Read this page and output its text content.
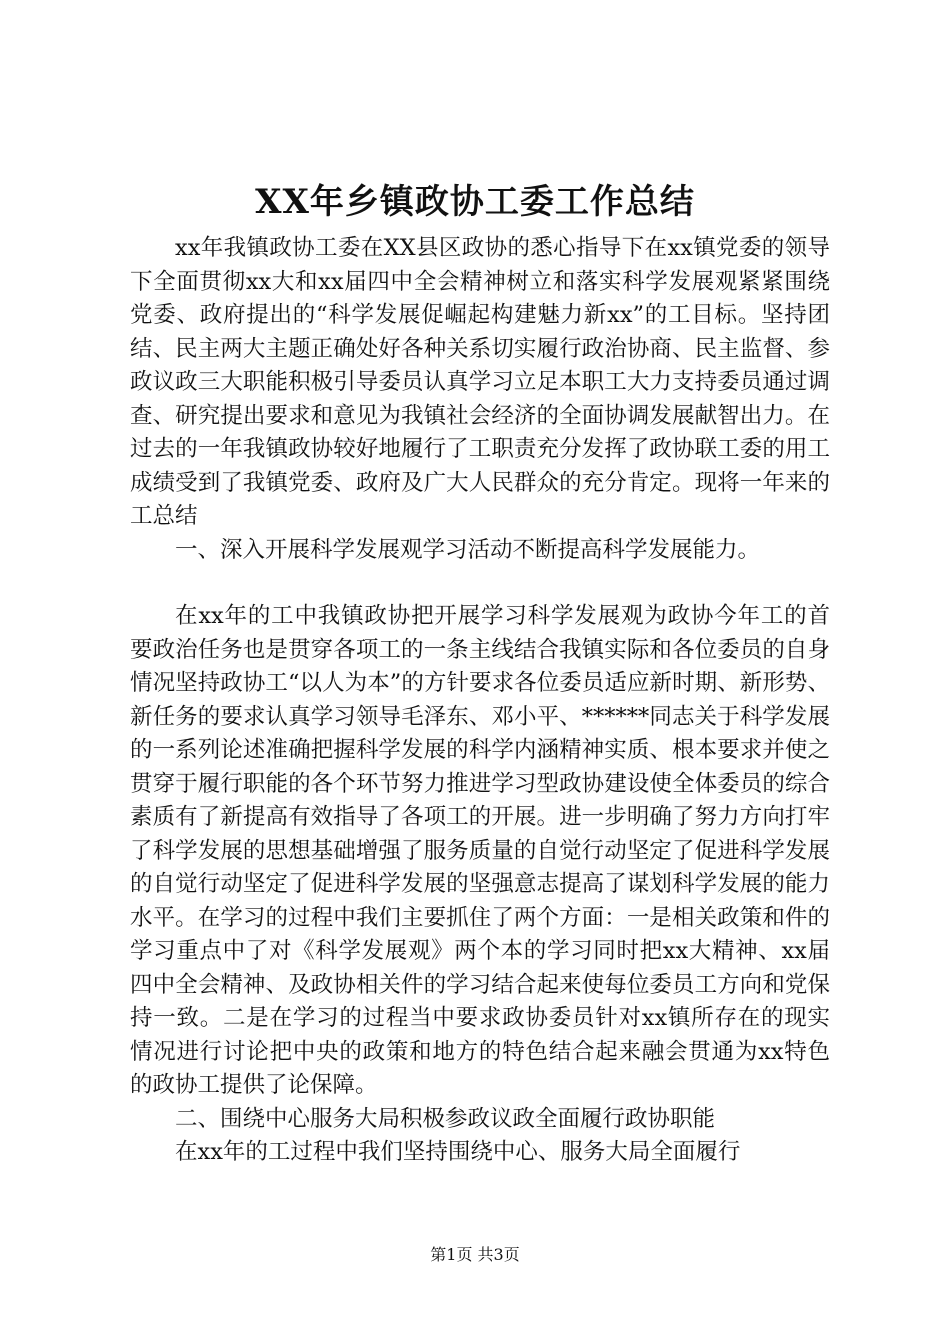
XX年乡镇政协工委工作总结

xx年我镇政协工委在XX县区政协的悉心指导下在xx镇党委的领导下全面贯彻xx大和xx届四中全会精神树立和落实科学发展观紧紧围绕党委、政府提出的“科学发展促崛起构建魅力新xx”的工目标。坚持团结、民主两大主题正确处好各种关系切实履行政治协商、民主监督、参政议政三大职能积极引导委员认真学习立足本职工大力支持委员通过调查、研究提出要求和意见为我镇社会经济的全面协调发展献智出力。在过去的一年我镇政协较好地履行了工职责充分发挥了政协联工委的用工成绩受到了我镇党委、政府及广大人民群众的充分肯定。现将一年来的工总结

一、深入开展科学发展观学习活动不断提高科学发展能力。

在xx年的工中我镇政协把开展学习科学发展观为政协今年工的首要政治任务也是贯穿各项工的一条主线结合我镇实际和各位委员的自身情况坚持政协工“以人为本”的方针要求各位委员适应新时期、新形势、新任务的要求认真学习领导毛泽东、邓小平、******同志关于科学发展的一系列论述准确把握科学发展的科学内涵精神实质、根本要求并使之贯穿于履行职能的各个环节努力推进学习型政协建设使全体委员的综合素质有了新提高有效指导了各项工的开展。进一步明确了努力方向打牢了科学发展的思想基础增强了服务质量的自觉行动坚定了促进科学发展的自觉行动坚定了促进科学发展的坚强意志提高了谋划科学发展的能力水平。在学习的过程中我们主要抓住了两个方面：一是相关政策和件的学习重点中了对《科学发展观》两个本的学习同时把xx大精神、xx届四中全会精神、及政协相关件的学习结合起来使每位委员工方向和党保持一致。二是在学习的过程当中要求政协委员针对xx镇所存在的现实情况进行讨论把中央的政策和地方的特色结合起来融会贯通为xx特色的政协工提供了论保障。

二、围绕中心服务大局积极参政议政全面履行政协职能

在xx年的工过程中我们坚持围绕中心、服务大局全面履行

第1页 共3页
